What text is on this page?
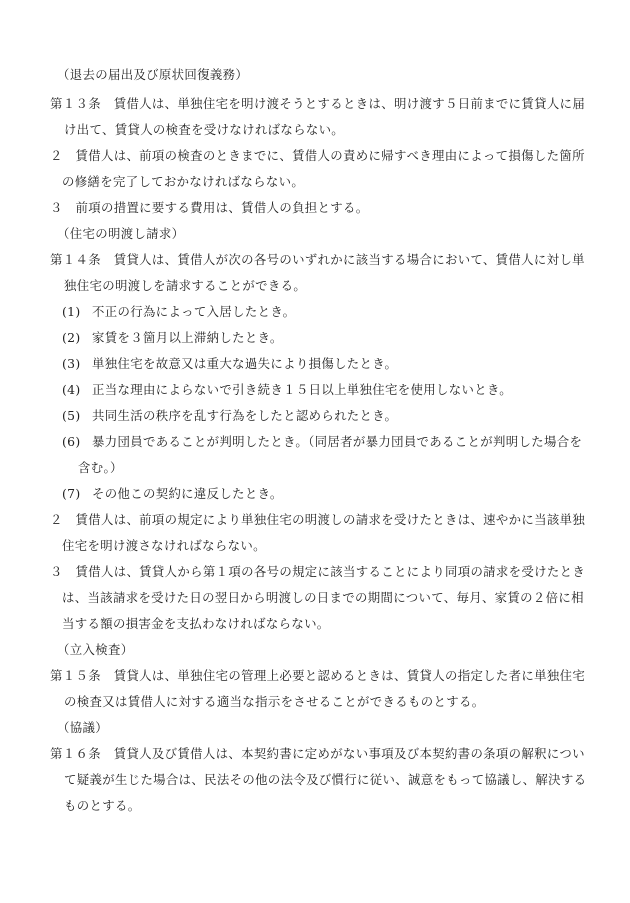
（退去の届出及び原状回復義務）
第１３条　賃借人は、単独住宅を明け渡そうとするときは、明け渡す５日前までに賃貸人に届
け出て、賃貸人の検査を受けなければならない。
２　賃借人は、前項の検査のときまでに、賃借人の責めに帰すべき理由によって損傷した箇所
の修繕を完了しておかなければならない。
３　前項の措置に要する費用は、賃借人の負担とする。
（住宅の明渡し請求）
第１４条　賃貸人は、賃借人が次の各号のいずれかに該当する場合において、賃借人に対し単
独住宅の明渡しを請求することができる。
(1) 不正の行為によって入居したとき。
(2) 家賃を３箇月以上滞納したとき。
(3) 単独住宅を故意又は重大な過失により損傷したとき。
(4) 正当な理由によらないで引き続き１５日以上単独住宅を使用しないとき。
(5) 共同生活の秩序を乱す行為をしたと認められたとき。
(6) 暴力団員であることが判明したとき。（同居者が暴力団員であることが判明した場合を
含む。）
(7) その他この契約に違反したとき。
２　賃借人は、前項の規定により単独住宅の明渡しの請求を受けたときは、速やかに当該単独
住宅を明け渡さなければならない。
３　賃借人は、賃貸人から第１項の各号の規定に該当することにより同項の請求を受けたとき
は、当該請求を受けた日の翌日から明渡しの日までの期間について、毎月、家賃の２倍に相
当する額の損害金を支払わなければならない。
（立入検査）
第１５条　賃貸人は、単独住宅の管理上必要と認めるときは、賃貸人の指定した者に単独住宅
の検査又は賃借人に対する適当な指示をさせることができるものとする。
（協議）
第１６条　賃貸人及び賃借人は、本契約書に定めがない事項及び本契約書の条項の解釈につい
て疑義が生じた場合は、民法その他の法令及び慣行に従い、誠意をもって協議し、解決する
ものとする。
